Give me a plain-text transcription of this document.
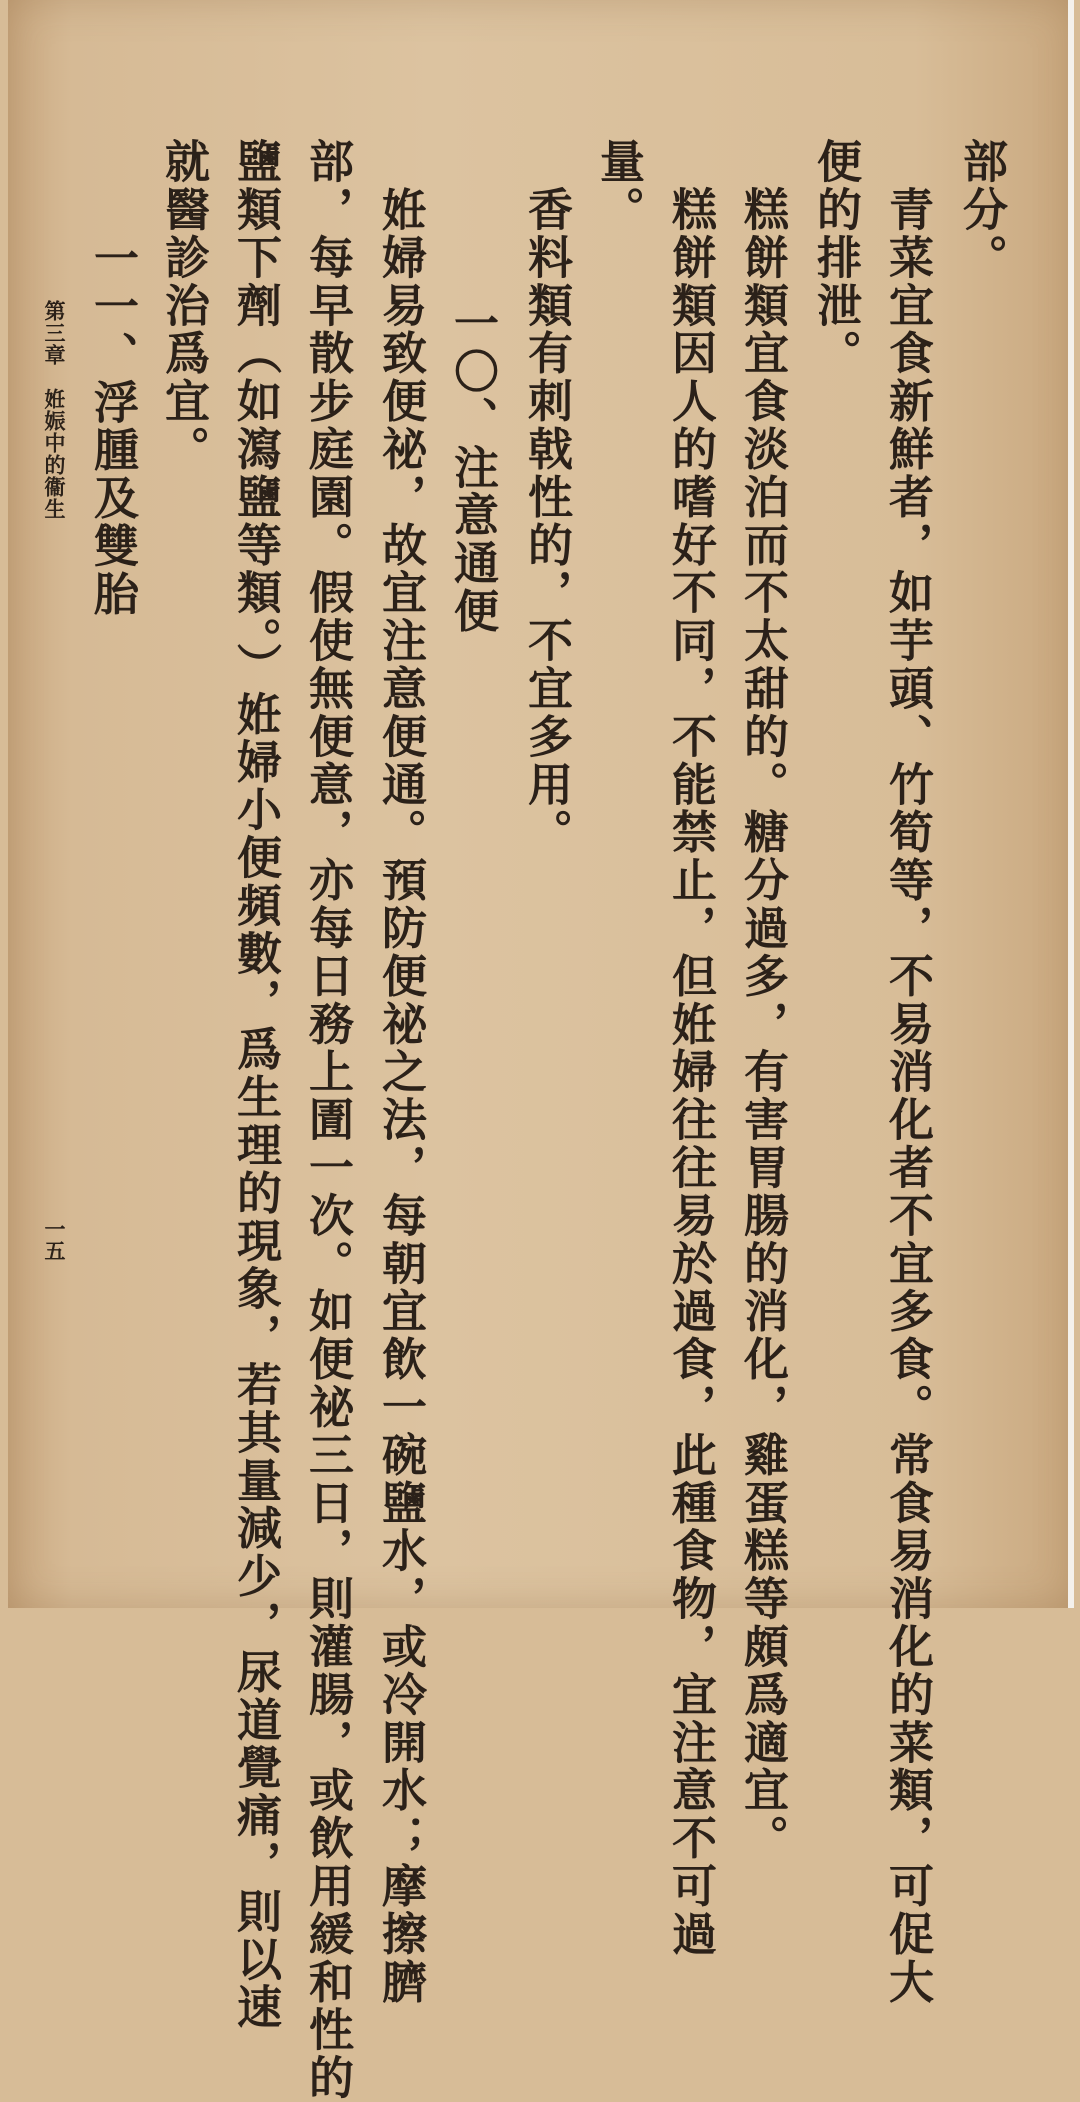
部分。
　青菜宜食新鮮者，如芋頭、竹筍等，不易消化者不宜多食。常食易消化的菜類，可促大
便的排泄。
　糕餅類宜食淡泊而不太甜的。糖分過多，有害胃腸的消化，雞蛋糕等頗爲適宜。
　糕餅類因人的嗜好不同，不能禁止，但姙婦往往易於過食，此種食物，宜注意不可過
量。
　香料類有刺戟性的，不宜多用。
一〇、注意通便
　姙婦易致便祕，故宜注意便通。預防便祕之法，每朝宜飲一碗鹽水，或冷開水；摩擦臍
部，每早散步庭園。假使無便意，亦每日務上圊一次。如便祕三日，則灌腸，或飲用緩和性的
鹽類下劑（如瀉鹽等類。）姙婦小便頻數，爲生理的現象，若其量減少，尿道覺痛，則以速
就醫診治爲宜。
一一、浮腫及雙胎
第三章　姙娠中的衞生
一五
